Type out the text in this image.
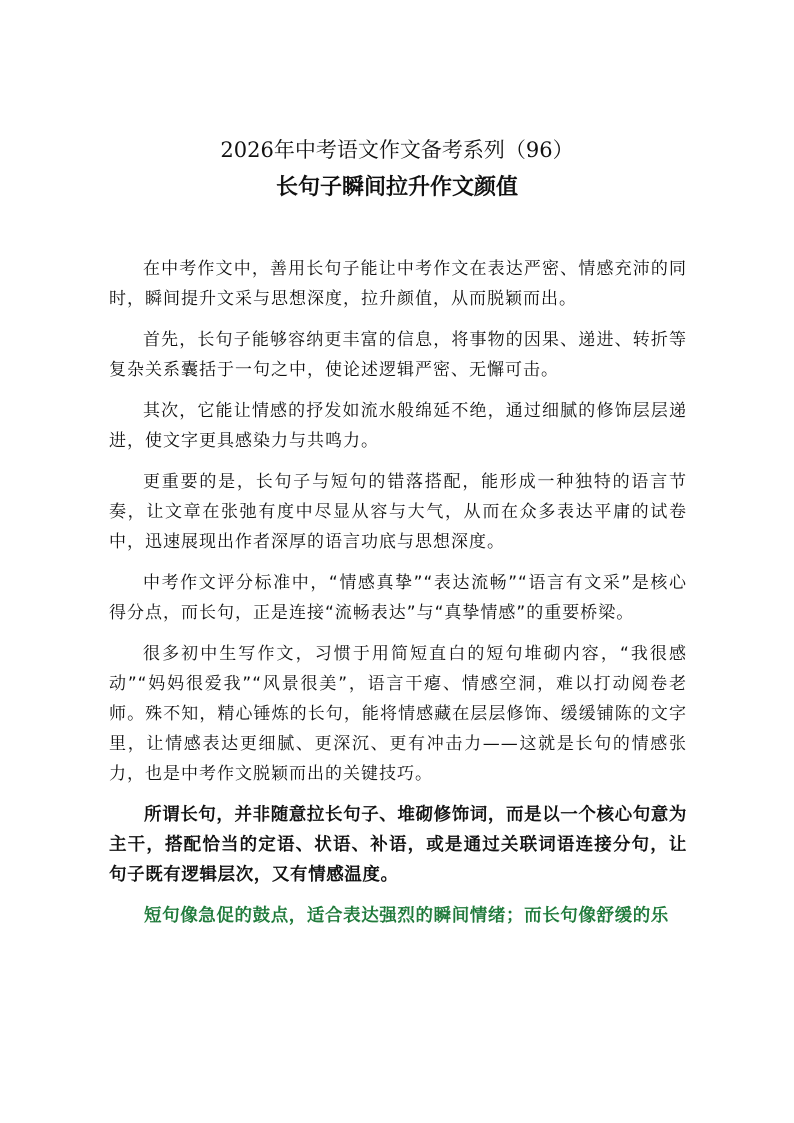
2026年中考语文作文备考系列（96）
长句子瞬间拉升作文颜值

在中考作文中，善用长句子能让中考作文在表达严密、情感充沛的同时，瞬间提升文采与思想深度，拉升颜值，从而脱颖而出。

首先，长句子能够容纳更丰富的信息，将事物的因果、递进、转折等复杂关系囊括于一句之中，使论述逻辑严密、无懈可击。

其次，它能让情感的抒发如流水般绵延不绝，通过细腻的修饰层层递进，使文字更具感染力与共鸣力。

更重要的是，长句子与短句的错落搭配，能形成一种独特的语言节奏，让文章在张弛有度中尽显从容与大气，从而在众多表达平庸的试卷中，迅速展现出作者深厚的语言功底与思想深度。

中考作文评分标准中，“情感真挚”“表达流畅”“语言有文采”是核心得分点，而长句，正是连接“流畅表达”与“真挚情感”的重要桥梁。

很多初中生写作文，习惯于用简短直白的短句堆砌内容，“我很感动”“妈妈很爱我”“风景很美”，语言干瘪、情感空洞，难以打动阅卷老师。殊不知，精心锤炼的长句，能将情感藏在层层修饰、缓缓铺陈的文字里，让情感表达更细腻、更深沉、更有冲击力——这就是长句的情感张力，也是中考作文脱颖而出的关键技巧。

所谓长句，并非随意拉长句子、堆砌修饰词，而是以一个核心句意为主干，搭配恰当的定语、状语、补语，或是通过关联词语连接分句，让句子既有逻辑层次，又有情感温度。

短句像急促的鼓点，适合表达强烈的瞬间情绪；而长句像舒缓的乐
